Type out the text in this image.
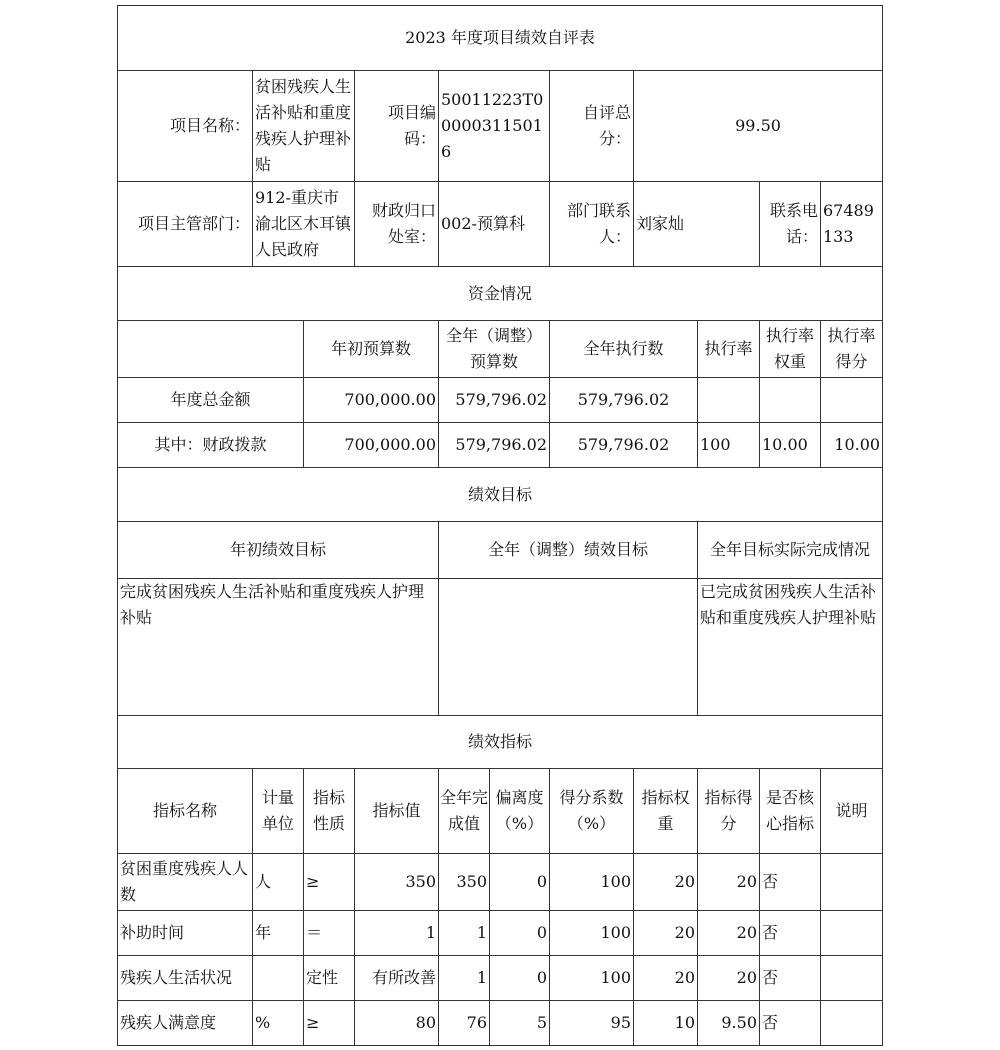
2023 年度项目绩效自评表										
项目名称：	贫困残疾人生活补贴和重度残疾人护理补贴		项目编码：	50011223T000003115016		自评总分：	99.50			
项目主管部门：	912-重庆市渝北区木耳镇人民政府		财政归口处室：	002-预算科		部门联系人：	刘家灿		联系电话：	67489133
资金情况										
		年初预算数		全年（调整）预算数		全年执行数		执行率	执行率权重	执行率得分
年度总金额		700,000.00		579,796.02		579,796.02				
其中：财政拨款		700,000.00		579,796.02		579,796.02		100	10.00	10.00
绩效目标										
年初绩效目标				全年（调整）绩效目标				全年目标实际完成情况		
完成贫困残疾人生活补贴和重度残疾人护理补贴								已完成贫困残疾人生活补贴和重度残疾人护理补贴		
绩效指标										
指标名称	计量单位	指标性质	指标值	全年完成值	偏离度（%）	得分系数（%）	指标权重	指标得分	是否核心指标	说明
贫困重度残疾人人数	人	≥	350	350	0	100	20	20	否	
补助时间	年	＝	1	1	0	100	20	20	否	
残疾人生活状况		定性	有所改善	1	0	100	20	20	否	
残疾人满意度	%	≥	80	76	5	95	10	9.50	否	
